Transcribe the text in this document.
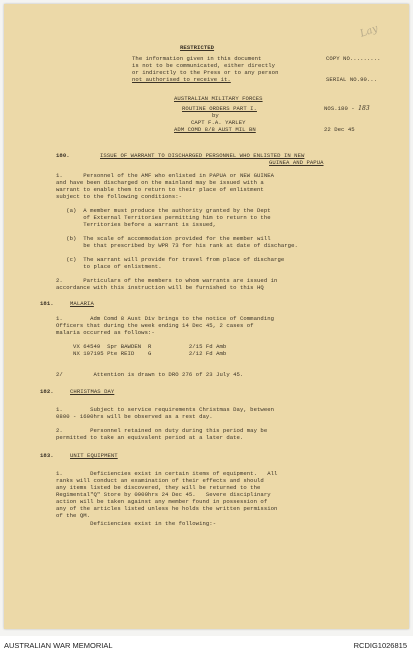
RESTRICTED
Lay
The information given in this document
is not to be communicated, either directly
or indirectly to the Press or to any person
not authorised to receive it.
COPY NO.........
SERIAL NO.90...
AUSTRALIAN MILITARY FORCES
ROUTINE ORDERS PART I.
by
CAPT F.A. YARLEY
ADM COMD 8/8 AUST MIL BN
NOS.180 - 183
22 Dec 45
180.	ISSUE OF WARRANT TO DISCHARGED PERSONNEL WHO ENLISTED IN NEW
GUINEA AND PAPUA
1.      Personnel of the AMF who enlisted in PAPUA or NEW GUINEA
and have been discharged on the mainland may be issued with a
warrant to enable them to return to their place of enlistment
subject to the following conditions:-
(a)  A member must produce the authority granted by the Dept
of External Territories permitting him to return to the
Territories before a warrant is issued,
(b)  The scale of accommodation provided for the member will
be that prescribed by WPR 73 for his rank at date of discharge.
(c)  The warrant will provide for travel from place of discharge
to place of enlistment.
2.      Particulars of the members to whom warrants are issued in
accordance with this instruction will be furnished to this HQ
181.	MALARIA
1.        Adm Comd 8 Aust Div brings to the notice of Commanding
Officers that during the week ending 14 Dec 45, 2 cases of
malaria occurred as follows:-
VX 64549  Spr BAWDEN  R           2/15 Fd Amb
NX 107195 Pte REID    G           2/12 Fd Amb
2/         Attention is drawn to DRO 276 of 23 July 45.
182.	CHRISTMAS DAY
1.        Subject to service requirements Christmas Day, between
0800 - 1600hrs will be observed as a rest day.
2.        Personnel retained on duty during this period may be
permitted to take an equivalent period at a later date.
183.	UNIT EQUIPMENT
1.        Deficiencies exist in certain items of equipment.   All
ranks will conduct an examination of their effects and should
any items listed be discovered, they will be returned to the
Regimental"Q" Store by 0900hrs 24 Dec 45.   Severe disciplinary
action will be taken against any member found in possession of
any of the articles listed unless he holds the written permission
of the QM.
Deficiencies exist in the following:-
AUSTRALIAN WAR MEMORIAL	RCDIG1026815
